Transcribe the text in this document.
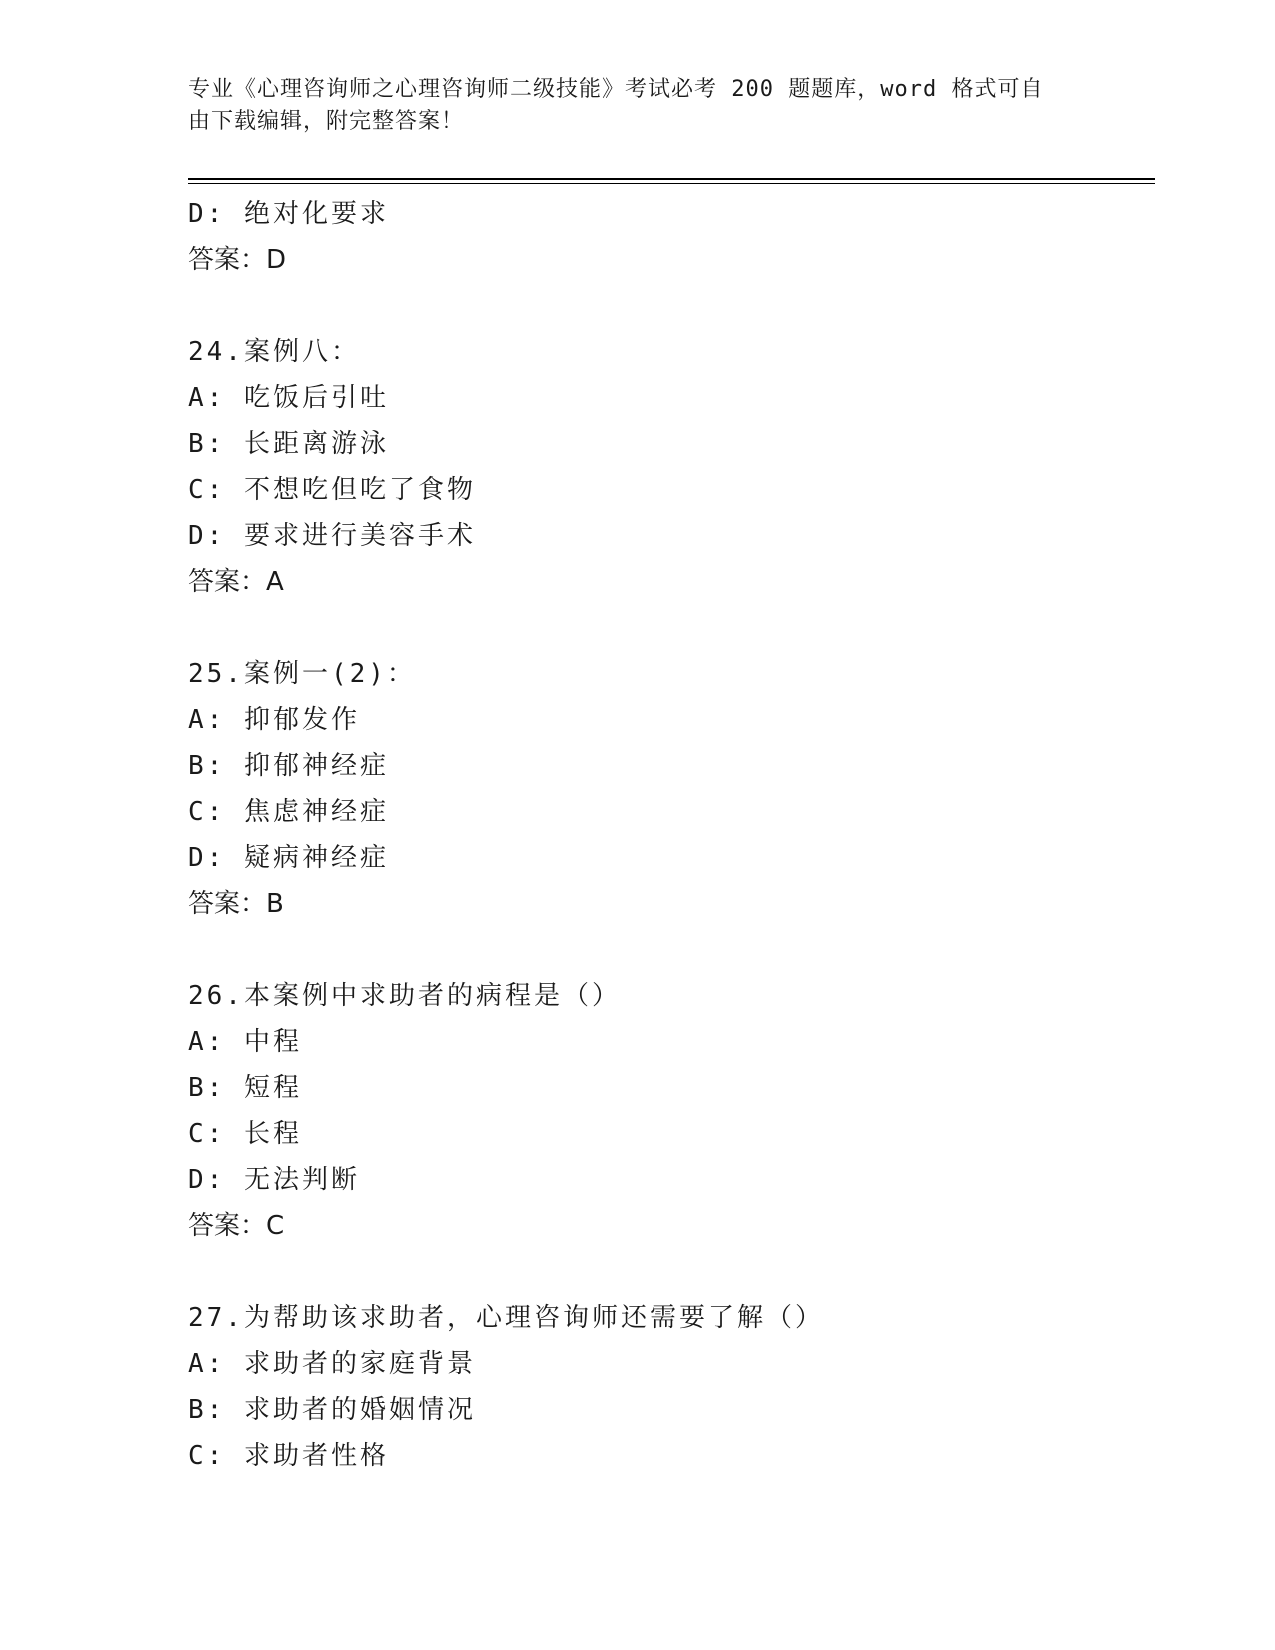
专业《心理咨询师之心理咨询师二级技能》考试必考 200 题题库，word 格式可自
由下载编辑，附完整答案！
D: 绝对化要求
答案：D
24.案例八：
A: 吃饭后引吐
B: 长距离游泳
C: 不想吃但吃了食物
D: 要求进行美容手术
答案：A
25.案例一(2)：
A: 抑郁发作
B: 抑郁神经症
C: 焦虑神经症
D: 疑病神经症
答案：B
26.本案例中求助者的病程是（）
A: 中程
B: 短程
C: 长程
D: 无法判断
答案：C
27.为帮助该求助者，心理咨询师还需要了解（）
A: 求助者的家庭背景
B: 求助者的婚姻情况
C: 求助者性格
